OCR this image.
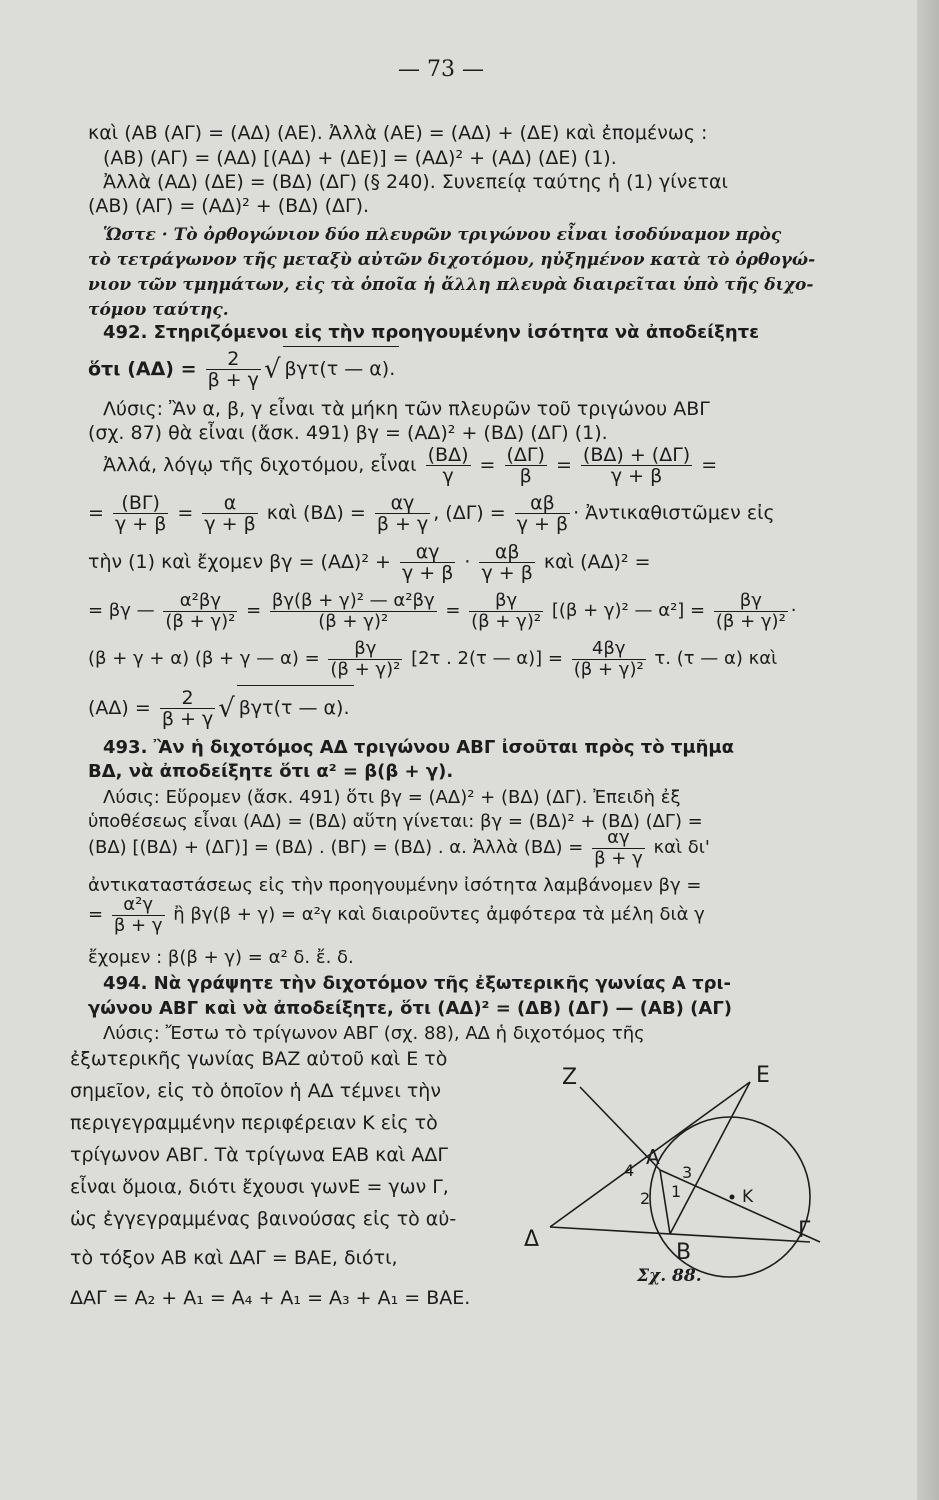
— 73 —
καὶ (ΑΒ (ΑΓ) = (ΑΔ) (ΑΕ). Ἀλλὰ (ΑΕ) = (ΑΔ) + (ΔΕ) καὶ ἐπομένως :
(ΑΒ) (ΑΓ) = (ΑΔ) [(ΑΔ) + (ΔΕ)] = (ΑΔ)² + (ΑΔ) (ΔΕ) (1).
Ἀλλὰ (ΑΔ) (ΔΕ) = (ΒΔ) (ΔΓ) (§ 240). Συνεπείᾳ ταύτης ἡ (1) γίνεται
(ΑΒ) (ΑΓ) = (ΑΔ)² + (ΒΔ) (ΔΓ).
Ὥστε · Τὸ ὀρθογώνιον δύο πλευρῶν τριγώνου εἶναι ἰσοδύναμον πρὸς
τὸ τετράγωνον τῆς μεταξὺ αὐτῶν διχοτόμου, ηὐξημένον κατὰ τὸ ὀρθογώ-
νιον τῶν τμημάτων, εἰς τὰ ὁποῖα ἡ ἄλλη πλευρὰ διαιρεῖται ὑπὸ τῆς διχο-
τόμου ταύτης.
492. Στηριζόμενοι εἰς τὴν προηγουμένην ἰσότητα νὰ ἀποδείξητε
ὅτι $(A\Delta) = \frac{2}{\beta + \gamma}$ √ βγτ(τ — α).
Λύσις: Ἂν α, β, γ εἶναι τὰ μήκη τῶν πλευρῶν τοῦ τριγώνου ΑΒΓ
(σχ. 87) θὰ εἶναι (ἄσκ. 491) βγ = (ΑΔ)² + (ΒΔ) (ΔΓ) (1).
Ἀλλά, λόγῳ τῆς διχοτόμου, εἶναι $\frac{(B\Delta)}{\gamma} = \frac{(\Delta\Gamma)}{\beta} = \frac{(B\Delta) + (\Delta\Gamma)}{\gamma + \beta}$ =
= $\frac{(B\Gamma)}{\gamma + \beta} = \frac{\alpha}{\gamma + \beta}$ καὶ $(B\Delta) = \frac{\alpha\gamma}{\beta + \gamma}$ , $(\Delta\Gamma) = \frac{\alpha\beta}{\gamma + \beta}$ · Ἀντικαθιστῶμεν εἰς
τὴν (1) καὶ ἔχομεν $\beta\gamma = (A\Delta)^2 + \frac{\alpha\gamma}{\gamma + \beta} \cdot \frac{\alpha\beta}{\gamma + \beta}$ καὶ (ΑΔ)² =
= βγ — $\frac{\text{α²βγ}}{\text{(β + γ)²}} = \frac{\text{βγ(β + γ)² — α²βγ}}{\text{(β + γ)²}} = \frac{\beta\gamma}{\text{(β + γ)²}} [(\beta + \gamma)^2$ — $\alpha^2] = \frac{\beta\gamma}{\text{(β + γ)²}}$ ·
(β + γ + α) (β + γ — $\alpha) = \frac{\beta\gamma}{\text{(β + γ)²}} [2\tau$ . 2(τ — $\alpha)] = \frac{4\beta\gamma}{\text{(β + γ)²}} \tau$. (τ — α) καὶ
$(A\Delta) = \frac{2}{\beta + \gamma}$ √ βγτ(τ — α).
493. Ἂν ἡ διχοτόμος ΑΔ τριγώνου ΑΒΓ ἰσοῦται πρὸς τὸ τμῆμα
ΒΔ, νὰ ἀποδείξητε ὅτι α² = β(β + γ).
Λύσις: Εὕρομεν (ἄσκ. 491) ὅτι βγ = (ΑΔ)² + (ΒΔ) (ΔΓ). Ἐπειδὴ ἐξ
ὑποθέσεως εἶναι (ΑΔ) = (ΒΔ) αὕτη γίνεται: βγ = (ΒΔ)² + (ΒΔ) (ΔΓ) =
(ΒΔ) [(ΒΔ) + (ΔΓ)] = (ΒΔ) . (ΒΓ) = (ΒΔ) . α. Ἀλλὰ $(B\Delta) = \frac{\alpha\gamma}{\beta + \gamma}$ καὶ δι'
ἀντικαταστάσεως εἰς τὴν προηγουμένην ἰσότητα λαμβάνομεν βγ =
= $\frac{\text{α²γ}}{\beta + \gamma}$ ἢ βγ(β + γ) = α²γ καὶ διαιροῦντες ἀμφότερα τὰ μέλη διὰ γ
ἔχομεν : β(β + γ) = α² δ. ἔ. δ.
494. Νὰ γράψητε τὴν διχοτόμον τῆς ἐξωτερικῆς γωνίας Α τρι-
γώνου ΑΒΓ καὶ νὰ ἀποδείξητε, ὅτι (ΑΔ)² = (ΔΒ) (ΔΓ) — (ΑΒ) (ΑΓ)
Λύσις: Ἔστω τὸ τρίγωνον ΑΒΓ (σχ. 88), ΑΔ ἡ διχοτόμος τῆς
ἐξωτερικῆς γωνίας ΒΑΖ αὐτοῦ καὶ Ε τὸ
σημεῖον, εἰς τὸ ὁποῖον ἡ ΑΔ τέμνει τὴν
περιγεγραμμένην περιφέρειαν Κ εἰς τὸ
τρίγωνον ΑΒΓ. Τὰ τρίγωνα ΕΑΒ καὶ ΑΔΓ
εἶναι ὅμοια, διότι ἔχουσι γωνΕ = γων Γ,
ὡς ἐγγεγραμμένας βαινούσας εἰς τὸ αὐ-
τὸ τόξον ΑΒ καὶ ΔΑΓ = ΒΑΕ, διότι,
ΔΑΓ = Α₂ + Α₁ = Α₄ + Α₁ = Α₃ + Α₁ = ΒΑΕ.
Z	E
A
Δ
B
Γ
K
1
2
3
4
Σχ. 88.
